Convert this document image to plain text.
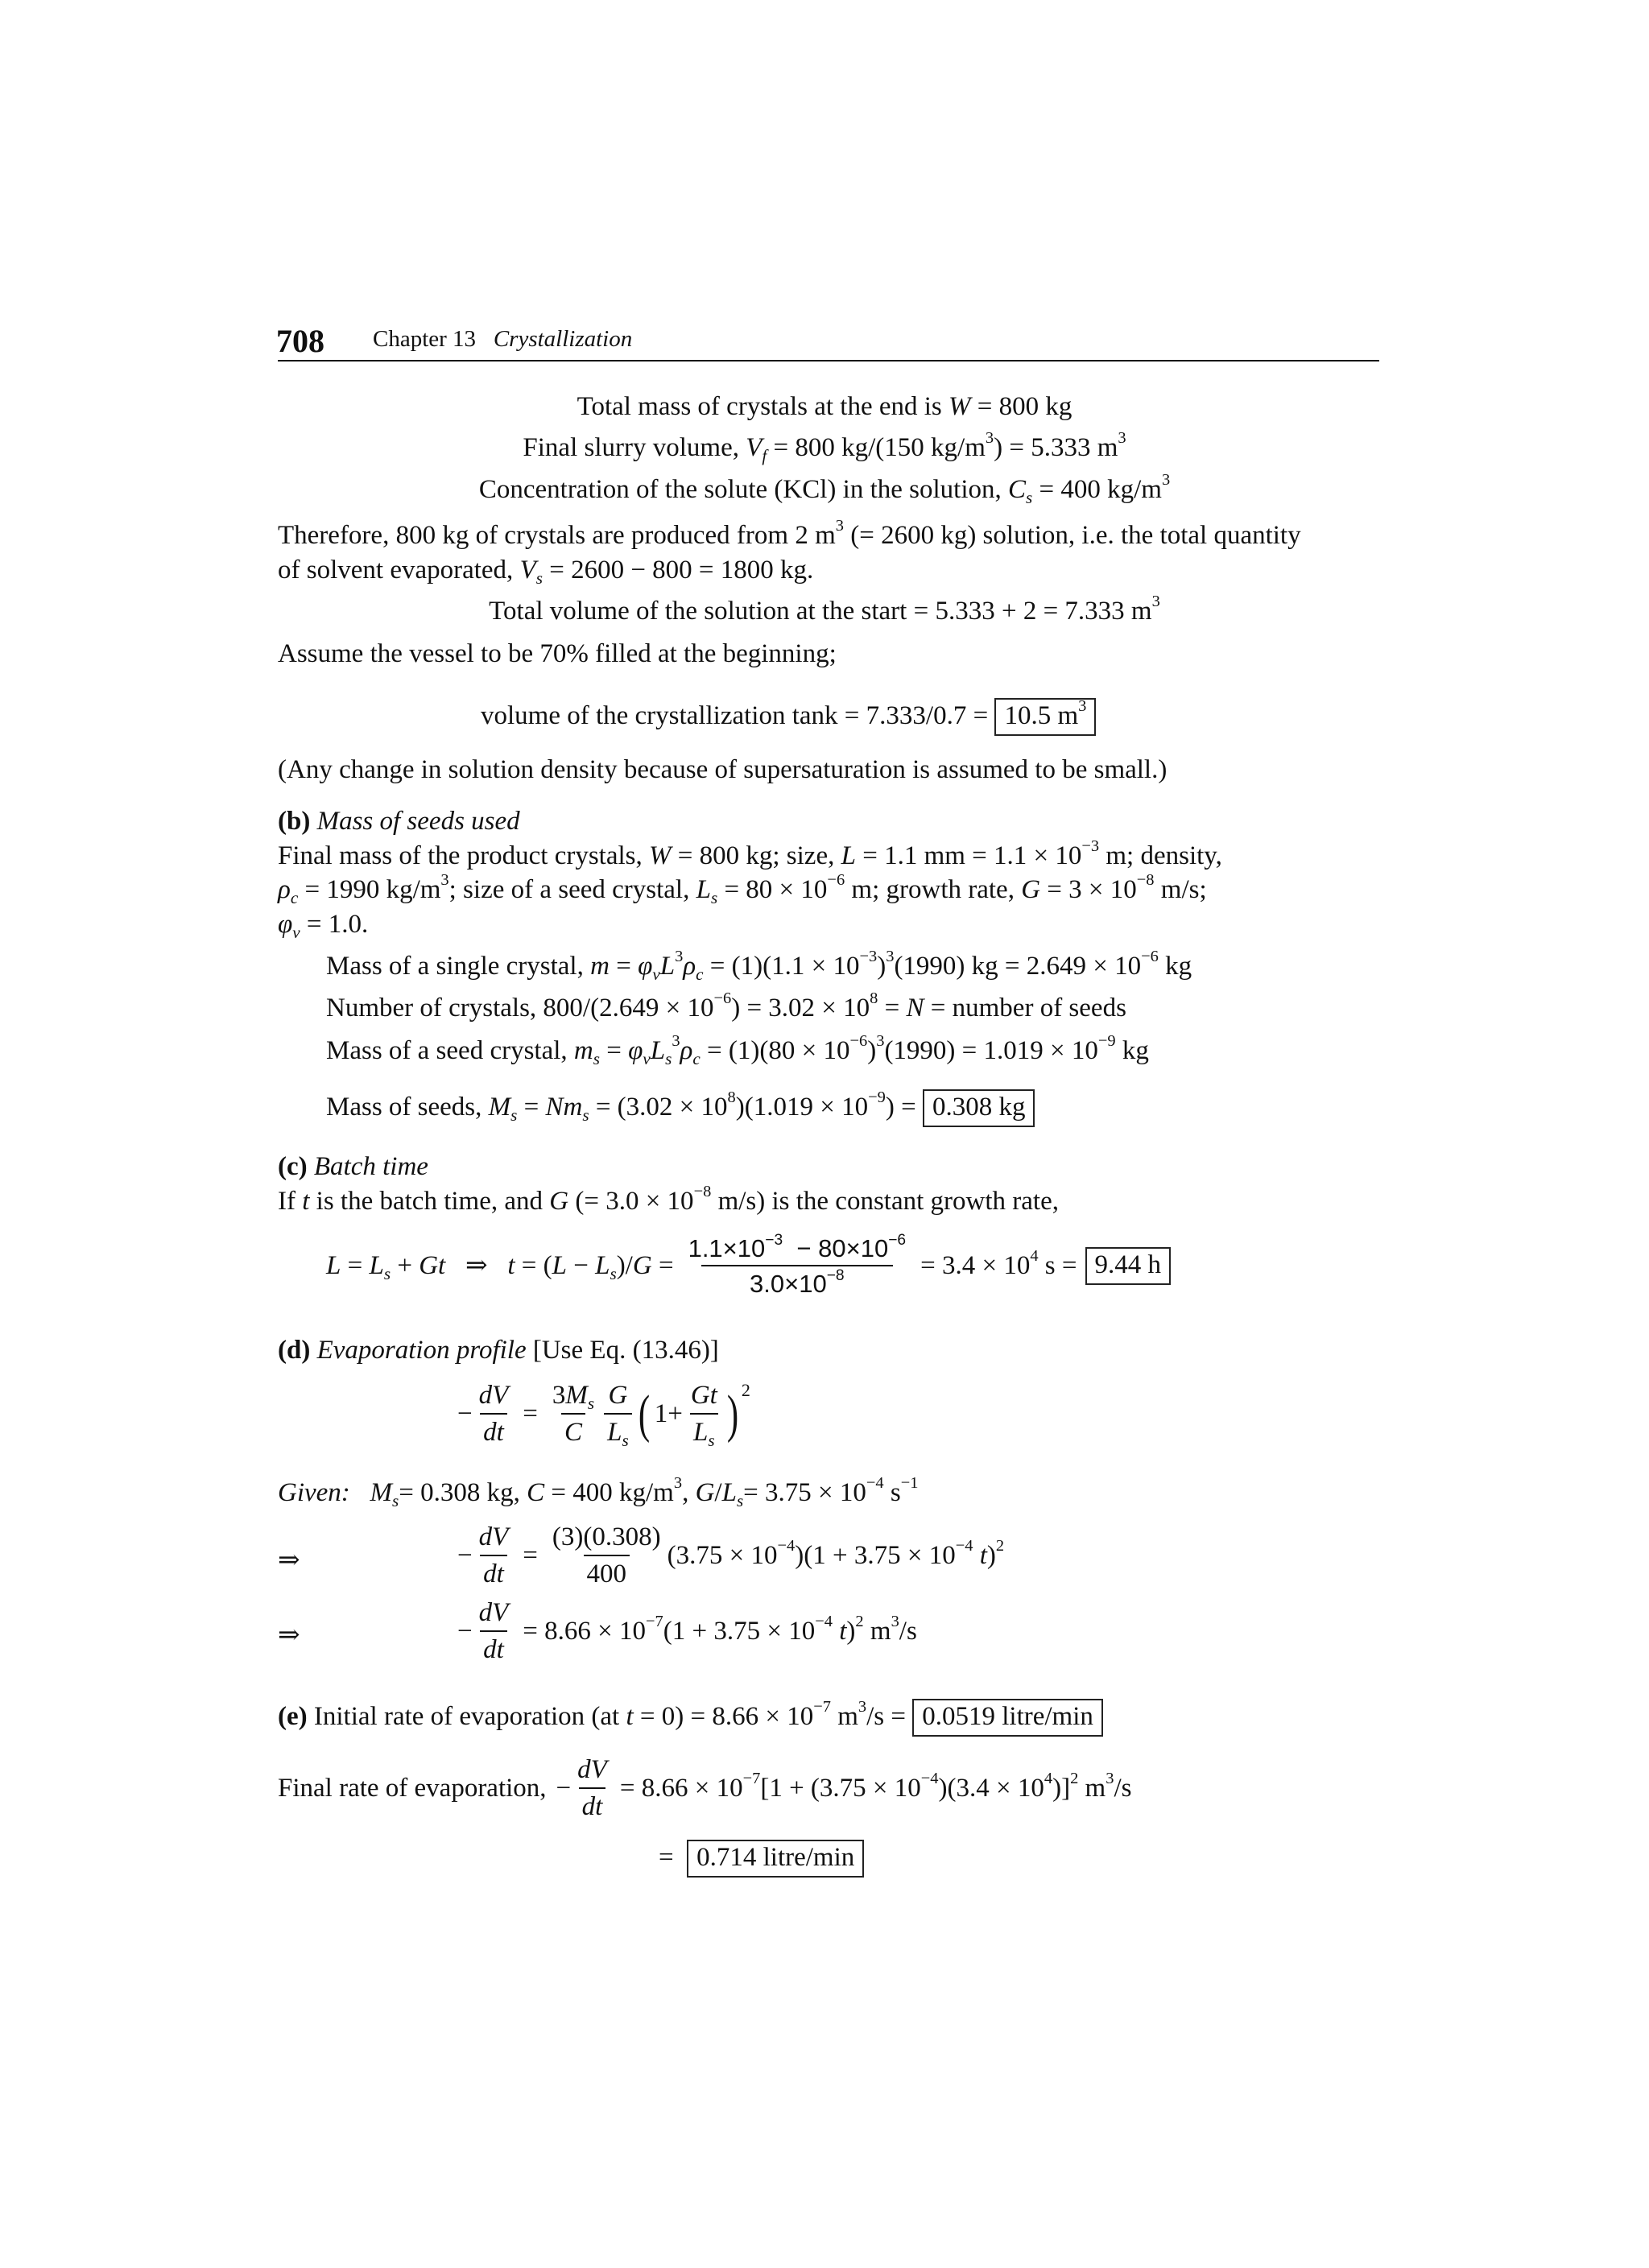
708 Chapter 13 Crystallization
Total mass of crystals at the end is W = 800 kg
Final slurry volume, $V_f = 800$ kg/(150 $kg/m^3) = 5.333$ $m^3$
Concentration of the solute (KCl) in the solution, $C_s = 400$ $kg/m^3$
Therefore, 800 kg of crystals are produced from 2 $m^3$ (= 2600 kg) solution, i.e. the total quantity
of solvent evaporated, $V_s = 2600 - 800 = 1800$ kg.
Total volume of the solution at the start = 5.333 + 2 = 7.333 $m^3$
Assume the vessel to be 70% filled at the beginning;
volume of the crystallization tank = 7.333/0.7 = 10.5 $m^3$
(Any change in solution density because of supersaturation is assumed to be small.)
(b) Mass of seeds used
Final mass of the product crystals, W = 800 kg; size, L = 1.1 mm = $1.1 \times 10^{-3}$ m; density,
$\rho_c = 1990$ $kg/m^3$; size of a seed crystal, $L_s = 80 \times 10^{-6}$ m; growth rate, $G = 3 \times 10^{-8}$ m/s;
$\varphi_v = 1.0$.
Mass of a single crystal, $m = \varphi_vL^3\rho_c = (1)(1.1 \times 10^{-3})^3(1990)$ kg = $2.649 \times 10^{-6}$ kg
Number of crystals, $800/(2.649 \times 10^{-6}) = 3.02 \times 10^8 = N$ = number of seeds
Mass of a seed crystal, $m_s = \varphi_vL_s^3\rho_c = (1)(80 \times 10^{-6})^3(1990) = 1.019 \times 10^{-9}$ kg
Mass of seeds, $M_s = Nm_s = (3.02 \times 10^8)(1.019 \times 10^{-9}) = 0.308$ kg
(c) Batch time
If t is the batch time, and G (= $3.0 \times 10^{-8}$ m/s) is the constant growth rate,
$L = L_s + Gt$   ⇒   $t = (L - L_s)/G = \frac{1.1\times 10^{-3} - 80\times 10^{-6}}{3.0\times 10^{-8}} = 3.4 \times 10^4$ s = 9.44 h
(d) Evaporation profile [Use Eq. (13.46)]
− $\frac{dV}{dt} = \frac{3M_s}{C} \frac{G}{L_s}$ ( $1+ \frac{Gt}{L_s}$ ) 2
Given: $M_s= 0.308$ kg, C = 400 $kg/m^3$, $G/L_s= 3.75 \times 10^{-4}$ $s^{-1}$
⇒	− $\frac{dV}{dt} = \frac{(3)(0.308)}{400} (3.75 \times 10^{-4})(1 + 3.75 \times 10^{-4}$ t)$^2$
⇒	− $\frac{dV}{dt} = 8.66 \times 10^{-7}(1 + 3.75 \times 10^{-4}$ t)$^2$ $m^3/s$
(e) Initial rate of evaporation (at $t = 0) = 8.66 \times 10^{-7}$ $m^3/s = 0.0519$ litre/min
Final rate of evaporation, − $\frac{dV}{dt} = 8.66 \times 10^{-7}[1 + (3.75 \times 10^{-4})(3.4 \times 10^4)]^2$ $m^3/s$
=  0.714 litre/min
